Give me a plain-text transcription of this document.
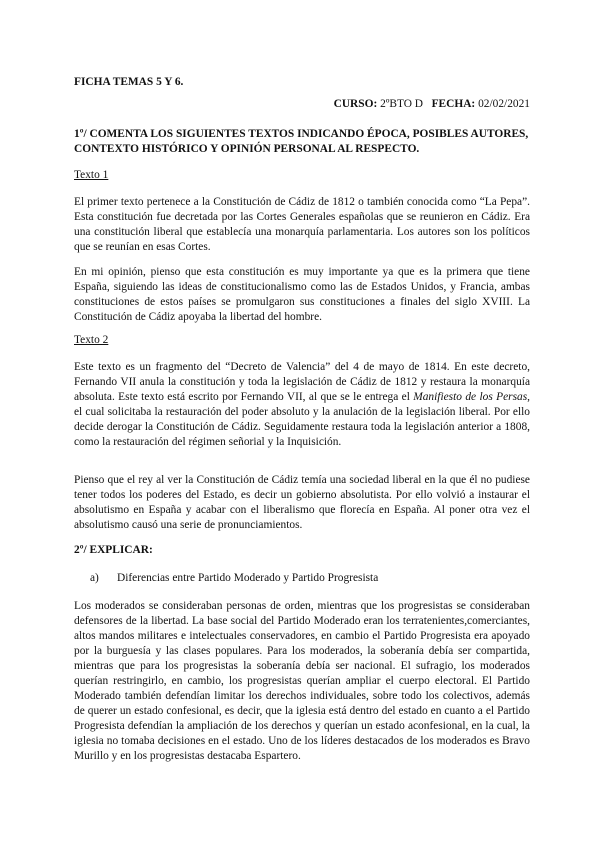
FICHA TEMAS 5 Y 6.

CURSO: 2ºBTO D FECHA: 02/02/2021

1º/ COMENTA LOS SIGUIENTES TEXTOS INDICANDO ÉPOCA, POSIBLES AUTORES, CONTEXTO HISTÓRICO Y OPINIÓN PERSONAL AL RESPECTO.

Texto 1

El primer texto pertenece a la Constitución de Cádiz de 1812 o también conocida como “La Pepa”. Esta constitución fue decretada por las Cortes Generales españolas que se reunieron en Cádiz. Era una constitución liberal que establecía una monarquía parlamentaria. Los autores son los políticos que se reunían en esas Cortes.

En mi opinión, pienso que esta constitución es muy importante ya que es la primera que tiene España, siguiendo las ideas de constitucionalismo como las de Estados Unidos, y Francia, ambas constituciones de estos países se promulgaron sus constituciones a finales del siglo XVIII. La Constitución de Cádiz apoyaba la libertad del hombre.

Texto 2

Este texto es un fragmento del “Decreto de Valencia” del 4 de mayo de 1814. En este decreto, Fernando VII anula la constitución y toda la legislación de Cádiz de 1812 y restaura la monarquía absoluta. Este texto está escrito por Fernando VII, al que se le entrega el Manifiesto de los Persas, el cual solicitaba la restauración del poder absoluto y la anulación de la legislación liberal. Por ello decide derogar la Constitución de Cádiz. Seguidamente restaura toda la legislación anterior a 1808, como la restauración del régimen señorial y la Inquisición.

Pienso que el rey al ver la Constitución de Cádiz temía una sociedad liberal en la que él no pudiese tener todos los poderes del Estado, es decir un gobierno absolutista. Por ello volvió a instaurar el absolutismo en España y acabar con el liberalismo que florecía en España. Al poner otra vez el absolutismo causó una serie de pronunciamientos.

2º/ EXPLICAR:

a) Diferencias entre Partido Moderado y Partido Progresista

Los moderados se consideraban personas de orden, mientras que los progresistas se consideraban defensores de la libertad. La base social del Partido Moderado eran los terratenientes,comerciantes, altos mandos militares e intelectuales conservadores, en cambio el Partido Progresista era apoyado por la burguesía y las clases populares. Para los moderados, la soberanía debía ser compartida, mientras que para los progresistas la soberanía debía ser nacional. El sufragio, los moderados querían restringirlo, en cambio, los progresistas querían ampliar el cuerpo electoral. El Partido Moderado también defendían limitar los derechos individuales, sobre todo los colectivos, además de querer un estado confesional, es decir, que la iglesia está dentro del estado en cuanto a el Partido Progresista defendían la ampliación de los derechos y querían un estado aconfesional, en la cual, la iglesia no tomaba decisiones en el estado. Uno de los líderes destacados de los moderados es Bravo Murillo y en los progresistas destacaba Espartero.
